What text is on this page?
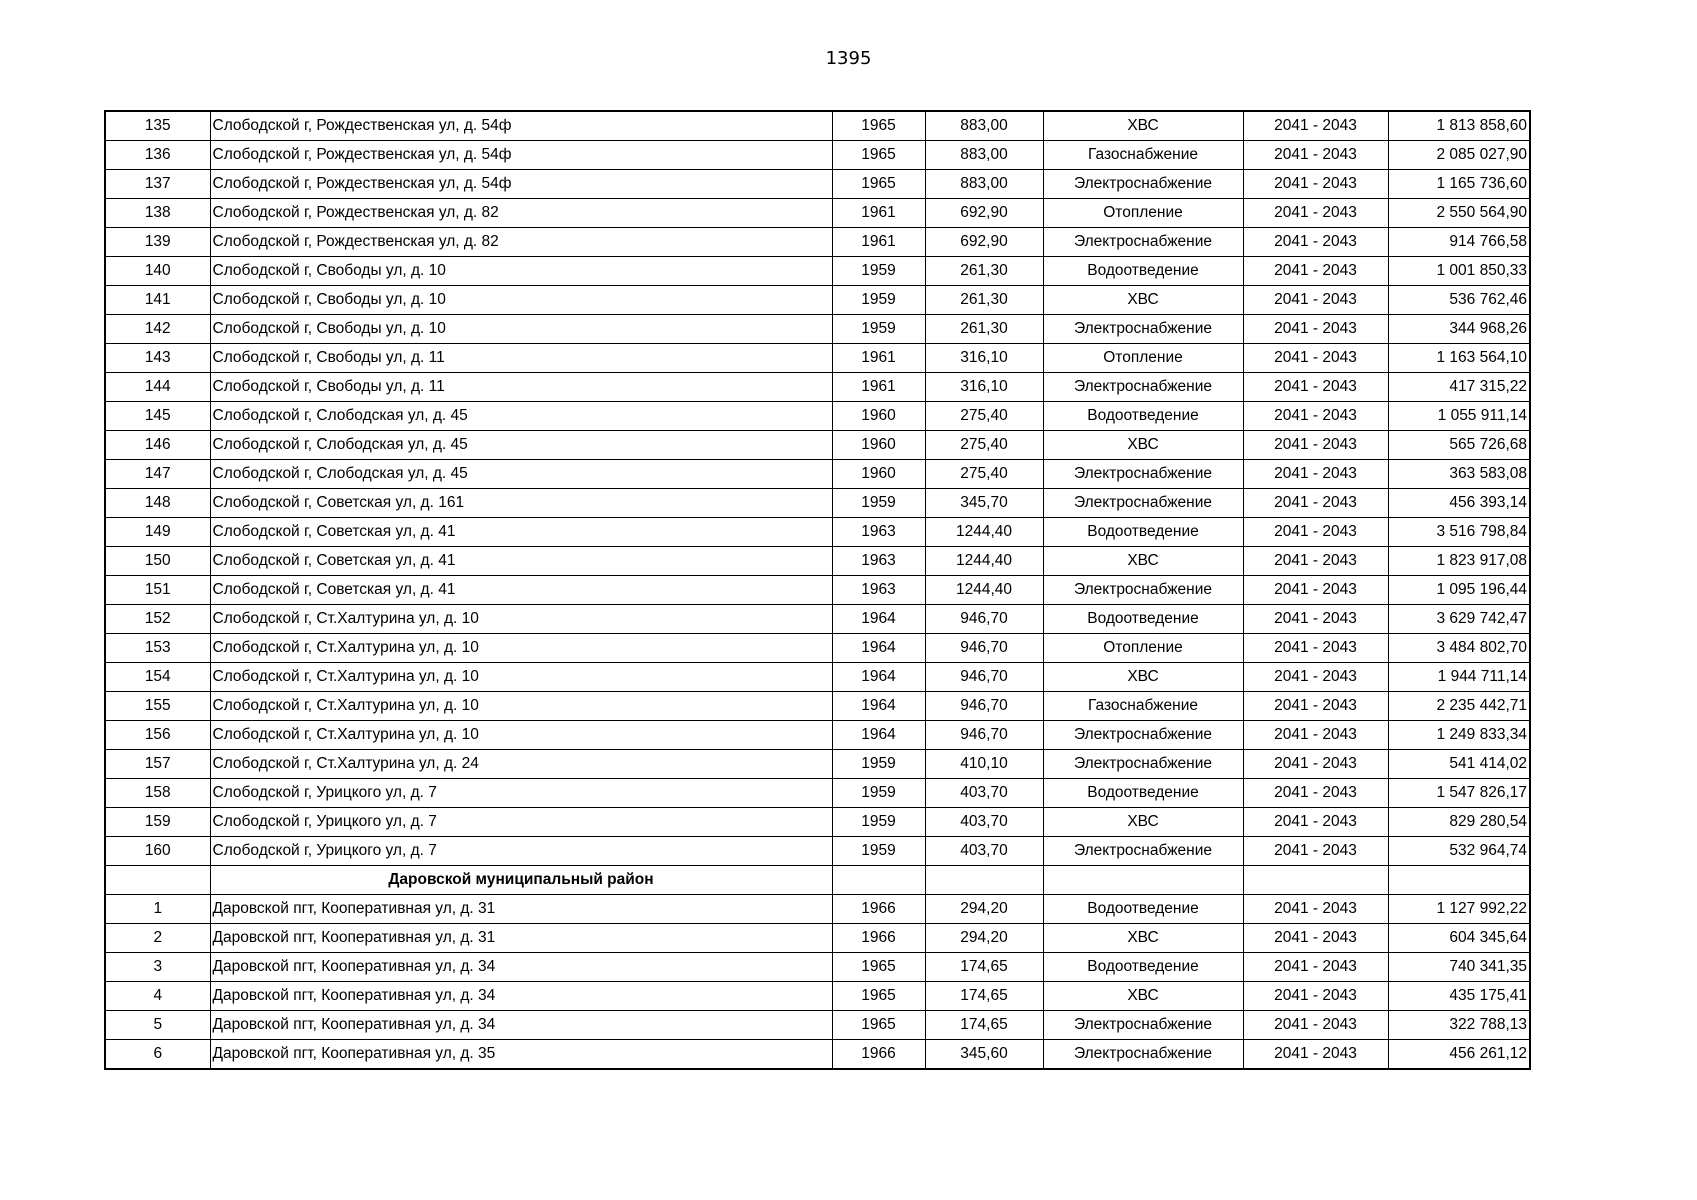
1395
135	Слободской г, Рождественская ул, д. 54ф	1965	883,00	ХВС	2041 - 2043	1 813 858,60
136	Слободской г, Рождественская ул, д. 54ф	1965	883,00	Газоснабжение	2041 - 2043	2 085 027,90
137	Слободской г, Рождественская ул, д. 54ф	1965	883,00	Электроснабжение	2041 - 2043	1 165 736,60
138	Слободской г, Рождественская ул, д. 82	1961	692,90	Отопление	2041 - 2043	2 550 564,90
139	Слободской г, Рождественская ул, д. 82	1961	692,90	Электроснабжение	2041 - 2043	914 766,58
140	Слободской г, Свободы ул, д. 10	1959	261,30	Водоотведение	2041 - 2043	1 001 850,33
141	Слободской г, Свободы ул, д. 10	1959	261,30	ХВС	2041 - 2043	536 762,46
142	Слободской г, Свободы ул, д. 10	1959	261,30	Электроснабжение	2041 - 2043	344 968,26
143	Слободской г, Свободы ул, д. 11	1961	316,10	Отопление	2041 - 2043	1 163 564,10
144	Слободской г, Свободы ул, д. 11	1961	316,10	Электроснабжение	2041 - 2043	417 315,22
145	Слободской г, Слободская ул, д. 45	1960	275,40	Водоотведение	2041 - 2043	1 055 911,14
146	Слободской г, Слободская ул, д. 45	1960	275,40	ХВС	2041 - 2043	565 726,68
147	Слободской г, Слободская ул, д. 45	1960	275,40	Электроснабжение	2041 - 2043	363 583,08
148	Слободской г, Советская ул, д. 161	1959	345,70	Электроснабжение	2041 - 2043	456 393,14
149	Слободской г, Советская ул, д. 41	1963	1244,40	Водоотведение	2041 - 2043	3 516 798,84
150	Слободской г, Советская ул, д. 41	1963	1244,40	ХВС	2041 - 2043	1 823 917,08
151	Слободской г, Советская ул, д. 41	1963	1244,40	Электроснабжение	2041 - 2043	1 095 196,44
152	Слободской г, Ст.Халтурина ул, д. 10	1964	946,70	Водоотведение	2041 - 2043	3 629 742,47
153	Слободской г, Ст.Халтурина ул, д. 10	1964	946,70	Отопление	2041 - 2043	3 484 802,70
154	Слободской г, Ст.Халтурина ул, д. 10	1964	946,70	ХВС	2041 - 2043	1 944 711,14
155	Слободской г, Ст.Халтурина ул, д. 10	1964	946,70	Газоснабжение	2041 - 2043	2 235 442,71
156	Слободской г, Ст.Халтурина ул, д. 10	1964	946,70	Электроснабжение	2041 - 2043	1 249 833,34
157	Слободской г, Ст.Халтурина ул, д. 24	1959	410,10	Электроснабжение	2041 - 2043	541 414,02
158	Слободской г, Урицкого ул, д. 7	1959	403,70	Водоотведение	2041 - 2043	1 547 826,17
159	Слободской г, Урицкого ул, д. 7	1959	403,70	ХВС	2041 - 2043	829 280,54
160	Слободской г, Урицкого ул, д. 7	1959	403,70	Электроснабжение	2041 - 2043	532 964,74
	Даровской муниципальный район					
1	Даровской пгт, Кооперативная ул, д. 31	1966	294,20	Водоотведение	2041 - 2043	1 127 992,22
2	Даровской пгт, Кооперативная ул, д. 31	1966	294,20	ХВС	2041 - 2043	604 345,64
3	Даровской пгт, Кооперативная ул, д. 34	1965	174,65	Водоотведение	2041 - 2043	740 341,35
4	Даровской пгт, Кооперативная ул, д. 34	1965	174,65	ХВС	2041 - 2043	435 175,41
5	Даровской пгт, Кооперативная ул, д. 34	1965	174,65	Электроснабжение	2041 - 2043	322 788,13
6	Даровской пгт, Кооперативная ул, д. 35	1966	345,60	Электроснабжение	2041 - 2043	456 261,12
